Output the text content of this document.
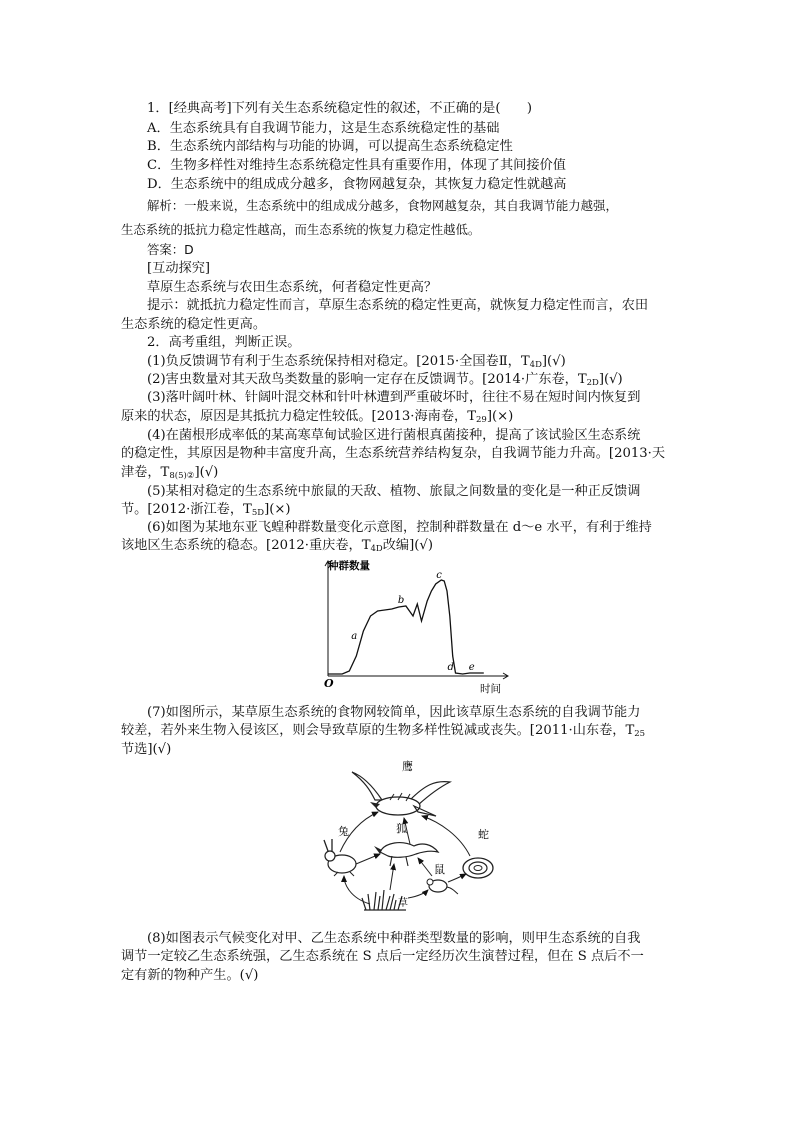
1．[经典高考]下列有关生态系统稳定性的叙述，不正确的是(　　)
A．生态系统具有自我调节能力，这是生态系统稳定性的基础
B．生态系统内部结构与功能的协调，可以提高生态系统稳定性
C．生物多样性对维持生态系统稳定性具有重要作用，体现了其间接价值
D．生态系统中的组成成分越多，食物网越复杂，其恢复力稳定性就越高
解析：一般来说，生态系统中的组成成分越多，食物网越复杂，其自我调节能力越强，
生态系统的抵抗力稳定性越高，而生态系统的恢复力稳定性越低。
答案：D
[互动探究]
草原生态系统与农田生态系统，何者稳定性更高？
提示：就抵抗力稳定性而言，草原生态系统的稳定性更高，就恢复力稳定性而言，农田
生态系统的稳定性更高。
2．高考重组，判断正误。
(1)负反馈调节有利于生态系统保持相对稳定。[2015·全国卷Ⅱ，$T_{4D}](√)$
(2)害虫数量对其天敌鸟类数量的影响一定存在反馈调节。[2014·广东卷，$T_{2D}](√)$
(3)落叶阔叶林、针阔叶混交林和针叶林遭到严重破坏时，往往不易在短时间内恢复到
原来的状态，原因是其抵抗力稳定性较低。[2013·海南卷，$T_{29}](\times)$
(4)在菌根形成率低的某高寒草甸试验区进行菌根真菌接种，提高了该试验区生态系统
的稳定性，其原因是物种丰富度升高，生态系统营养结构复杂，自我调节能力升高。[2013·天
津卷，$T_{8(5)②}](√)$
(5)某相对稳定的生态系统中旅鼠的天敌、植物、旅鼠之间数量的变化是一种正反馈调
节。[2012·浙江卷，$T_{5D}](\times)$
(6)如图为某地东亚飞蝗种群数量变化示意图，控制种群数量在 d～e 水平，有利于维持
该地区生态系统的稳态。[2012·重庆卷，$T_{4D}$改编](√)
a
b
c
d e
种群数量
时间
O
(7)如图所示，某草原生态系统的食物网较简单，因此该草原生态系统的自我调节能力
较差，若外来生物入侵该区，则会导致草原的生物多样性锐减或丧失。[2011·山东卷，$T_{25}$
节选](√)
鹰
兔	狐	蛇
鼠
草
(8)如图表示气候变化对甲、乙生态系统中种群类型数量的影响，则甲生态系统的自我
调节一定较乙生态系统强，乙生态系统在 S 点后一定经历次生演替过程，但在 S 点后不一
定有新的物种产生。(√)
